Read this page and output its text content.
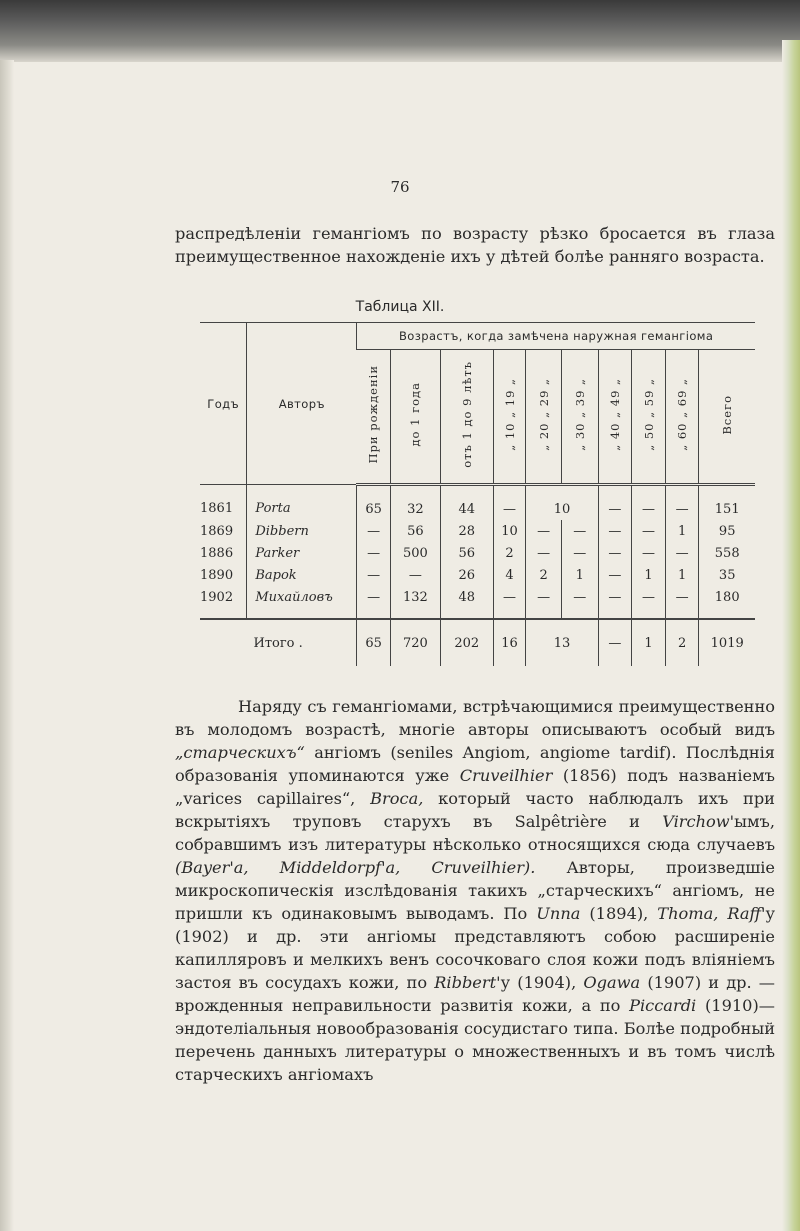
76

распредѣленіи гемангіомъ по возрасту рѣзко бросается въ глаза преимущественное нахожденіе ихъ у дѣтей болѣе ранняго возраста.

Таблица XII.
Годъ	Авторъ	Возрастъ, когда замѣчена наружная гемангіома									
		При рожденіи	до 1 года	отъ 1 до 9 лѣтъ	„ 10 „ 19 „	„ 20 „ 29 „	„ 30 „ 39 „	„ 40 „ 49 „	„ 50 „ 59 „	„ 60 „ 69 „	Всего
1861	Porta	65	32	44	—	10		—	—	—	151
1869	Dibbern	—	56	28	10	—	—	—	—	1	95
1886	Parker	—	500	56	2	—	—	—	—	—	558
1890	Bapok	—	—	26	4	2	1	—	1	1	35
1902	Михайловъ	—	132	48	—	—	—	—	—	—	180
Итого .		65	720	202	16	13		—	1	2	1019
Наряду съ гемангіомами, встрѣчающимися преимущественно въ молодомъ возрастѣ, многіе авторы описываютъ особый видъ „старческихъ“ ангіомъ (seniles Angiom, angiome tardif). Послѣднія образованія упоминаются уже Cruveilhier (1856) подъ названіемъ „varices capillaires“, Broca, который часто наблюдалъ ихъ при вскрытіяхъ труповъ старухъ въ Salpêtrière и Virchow'ымъ, собравшимъ изъ литературы нѣсколько относящихся сюда случаевъ (Bayer'а, Middeldorpf'а, Cruveilhier). Авторы, произведшіе микроскопическія изслѣдованія такихъ „старческихъ“ ангіомъ, не пришли къ одинаковымъ выводамъ. По Unna (1894), Thoma, Raff'у (1902) и др. эти ангіомы представляютъ собою расширеніе капилляровъ и мелкихъ венъ сосочковаго слоя кожи подъ вліяніемъ застоя въ сосудахъ кожи, по Ribbert'у (1904), Ogawa (1907) и др. — врожденныя неправильности развитія кожи, а по Piccardi (1910)—эндотеліальныя новообразованія сосудистаго типа. Болѣе подробный перечень данныхъ литературы о множественныхъ и въ томъ числѣ старческихъ ангіомахъ
